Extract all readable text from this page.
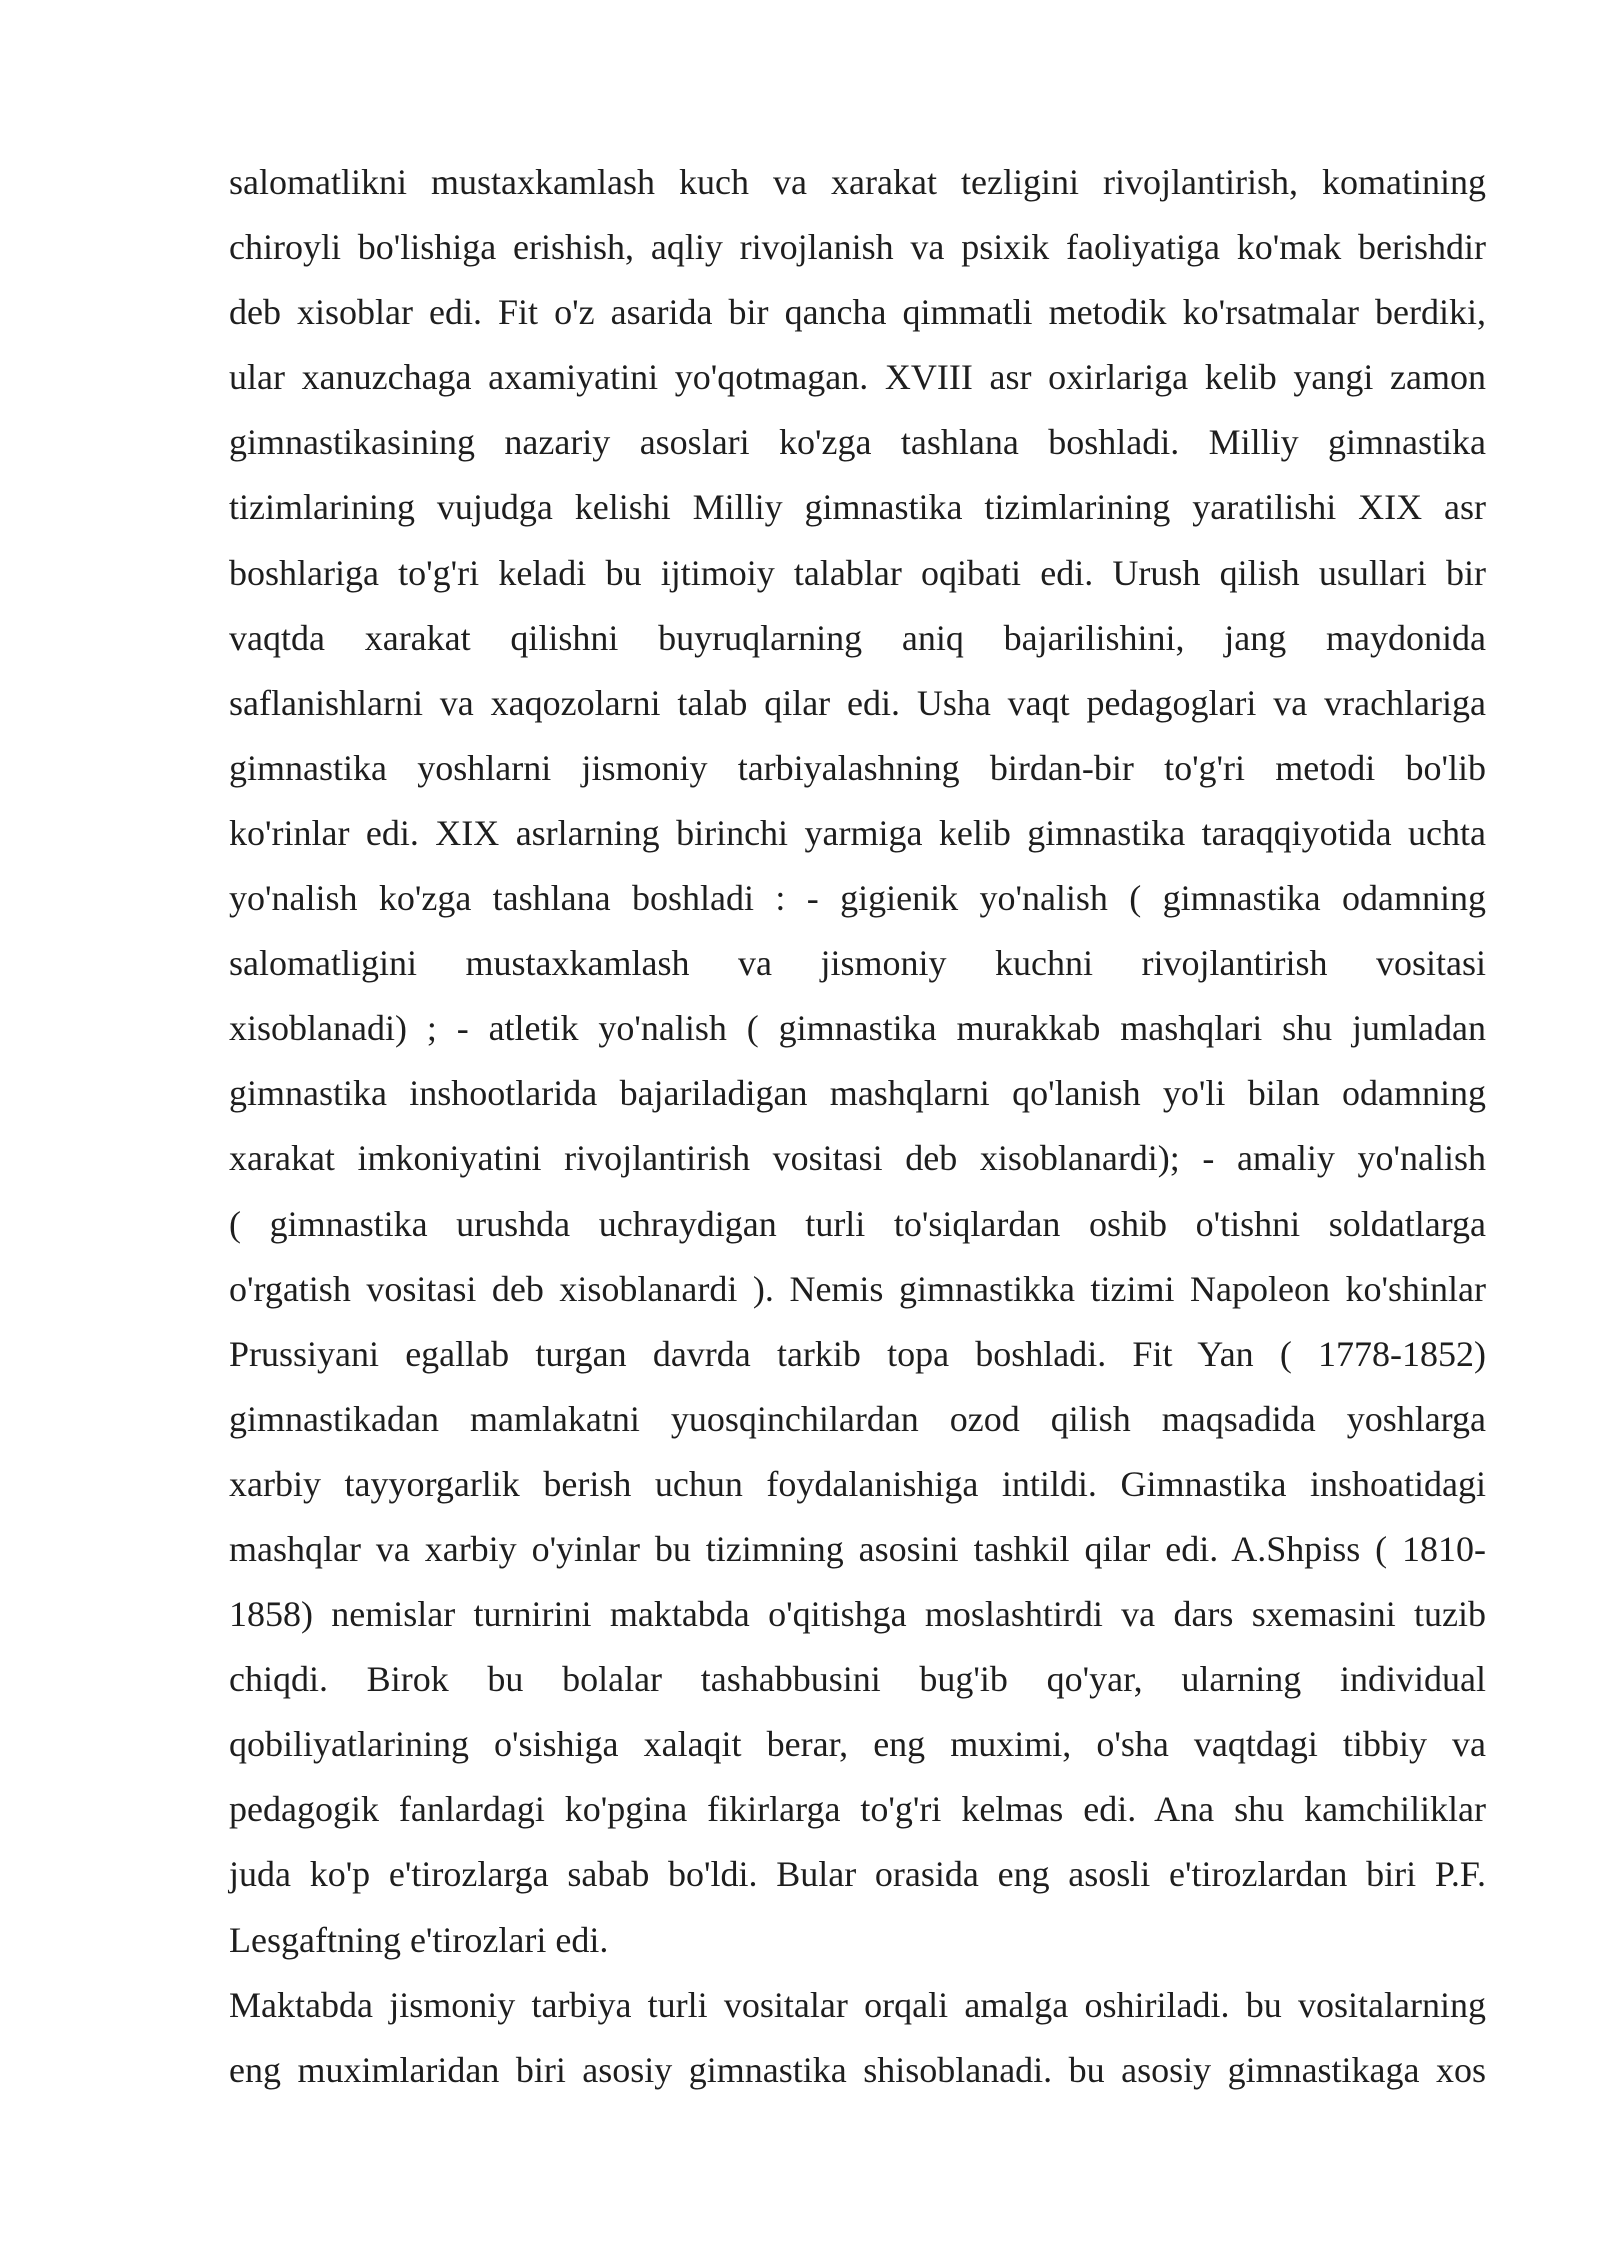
salomatlikni mustaxkamlash kuch va xarakat tezligini rivojlantirish, komatining
chiroyli bo'lishiga erishish, aqliy rivojlanish va psixik faoliyatiga ko'mak berishdir
deb xisoblar edi. Fit o'z asarida bir qancha qimmatli metodik ko'rsatmalar berdiki,
ular xanuzchaga axamiyatini yo'qotmagan. XVIII asr oxirlariga kelib yangi zamon
gimnastikasining nazariy asoslari ko'zga tashlana boshladi. Milliy gimnastika
tizimlarining vujudga kelishi Milliy gimnastika tizimlarining yaratilishi XIX asr
boshlariga to'g'ri keladi bu ijtimoiy talablar oqibati edi. Urush qilish usullari bir
vaqtda xarakat qilishni buyruqlarning aniq bajarilishini, jang maydonida
saflanishlarni va xaqozolarni talab qilar edi. Usha vaqt pedagoglari va vrachlariga
gimnastika yoshlarni jismoniy tarbiyalashning birdan-bir to'g'ri metodi bo'lib
ko'rinlar edi. XIX asrlarning birinchi yarmiga kelib gimnastika taraqqiyotida uchta
yo'nalish ko'zga tashlana boshladi : - gigienik yo'nalish ( gimnastika odamning
salomatligini mustaxkamlash va jismoniy kuchni rivojlantirish vositasi
xisoblanadi) ; - atletik yo'nalish ( gimnastika murakkab mashqlari shu jumladan
gimnastika inshootlarida bajariladigan mashqlarni qo'lanish yo'li bilan odamning
xarakat imkoniyatini rivojlantirish vositasi deb xisoblanardi); - amaliy yo'nalish
( gimnastika urushda uchraydigan turli to'siqlardan oshib o'tishni soldatlarga
o'rgatish vositasi deb xisoblanardi ). Nemis gimnastikka tizimi Napoleon ko'shinlar
Prussiyani egallab turgan davrda tarkib topa boshladi. Fit Yan ( 1778-1852)
gimnastikadan mamlakatni yuosqinchilardan ozod qilish maqsadida yoshlarga
xarbiy tayyorgarlik berish uchun foydalanishiga intildi. Gimnastika inshoatidagi
mashqlar va xarbiy o'yinlar bu tizimning asosini tashkil qilar edi. A.Shpiss ( 1810-
1858) nemislar turnirini maktabda o'qitishga moslashtirdi va dars sxemasini tuzib
chiqdi. Birok bu bolalar tashabbusini bug'ib qo'yar, ularning individual
qobiliyatlarining o'sishiga xalaqit berar, eng muximi, o'sha vaqtdagi tibbiy va
pedagogik fanlardagi ko'pgina fikirlarga to'g'ri kelmas edi. Ana shu kamchiliklar
juda ko'p e'tirozlarga sabab bo'ldi. Bular orasida eng asosli e'tirozlardan biri P.F.
Lesgaftning e'tirozlari edi.

Maktabda jismoniy tarbiya turli vositalar orqali amalga oshiriladi. bu vositalarning
eng muximlaridan biri asosiy gimnastika shisoblanadi. bu asosiy gimnastikaga xos
